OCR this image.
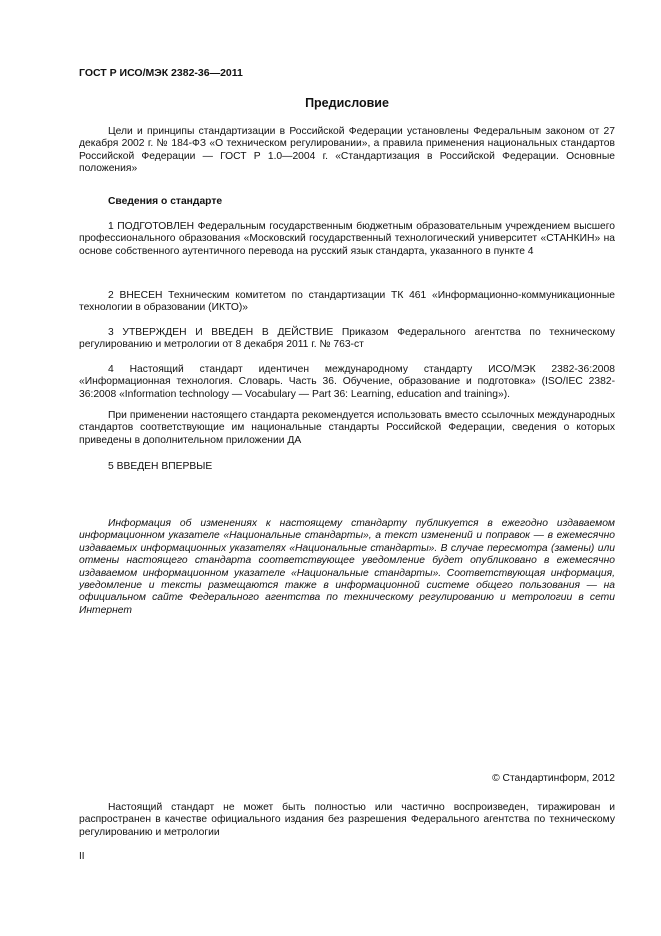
ГОСТ Р ИСО/МЭК 2382-36—2011
Предисловие

Цели и принципы стандартизации в Российской Федерации установлены Федеральным законом от 27 декабря 2002 г. № 184-ФЗ «О техническом регулировании», а правила применения национальных стандартов Российской Федерации — ГОСТ Р 1.0—2004 г. «Стандартизация в Российской Федерации. Основные положения»

Сведения о стандарте

1 ПОДГОТОВЛЕН Федеральным государственным бюджетным образовательным учреждением высшего профессионального образования «Московский государственный технологический университет «СТАНКИН» на основе собственного аутентичного перевода на русский язык стандарта, указанного в пункте 4

2 ВНЕСЕН Техническим комитетом по стандартизации ТК 461 «Информационно-коммуникационные технологии в образовании (ИКТО)»

3 УТВЕРЖДЕН И ВВЕДЕН В ДЕЙСТВИЕ Приказом Федерального агентства по техническому регулированию и метрологии от 8 декабря 2011 г. № 763-ст

4 Настоящий стандарт идентичен международному стандарту ИСО/МЭК 2382-36:2008 «Информационная технология. Словарь. Часть 36. Обучение, образование и подготовка» (ISO/IEC 2382-36:2008 «Information technology — Vocabulary — Part 36: Learning, education and training»).

При применении настоящего стандарта рекомендуется использовать вместо ссылочных международных стандартов соответствующие им национальные стандарты Российской Федерации, сведения о которых приведены в дополнительном приложении ДА

5 ВВЕДЕН ВПЕРВЫЕ

Информация об изменениях к настоящему стандарту публикуется в ежегодно издаваемом информационном указателе «Национальные стандарты», а текст изменений и поправок — в ежемесячно издаваемых информационных указателях «Национальные стандарты». В случае пересмотра (замены) или отмены настоящего стандарта соответствующее уведомление будет опубликовано в ежемесячно издаваемом информационном указателе «Национальные стандарты». Соответствующая информация, уведомление и тексты размещаются также в информационной системе общего пользования — на официальном сайте Федерального агентства по техническому регулированию и метрологии в сети Интернет

© Стандартинформ, 2012

Настоящий стандарт не может быть полностью или частично воспроизведен, тиражирован и распространен в качестве официального издания без разрешения Федерального агентства по техническому регулированию и метрологии

II
